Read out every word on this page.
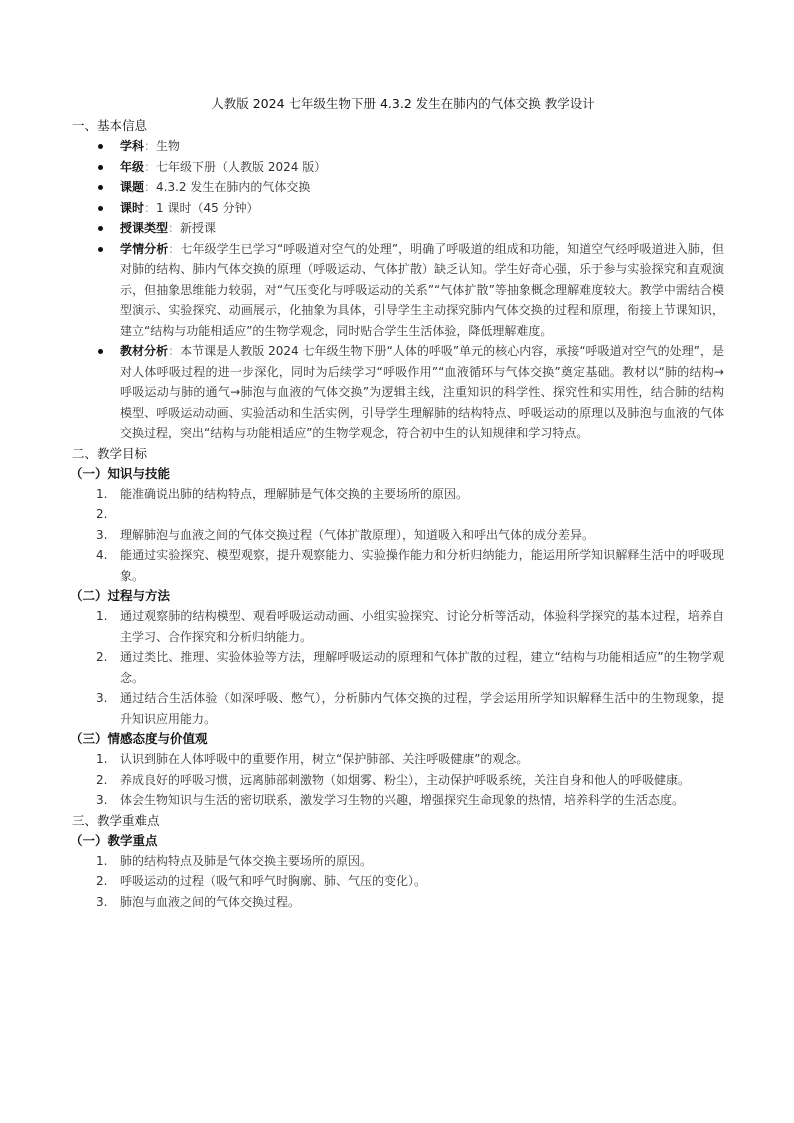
人教版 2024 七年级生物下册 4.3.2 发生在肺内的气体交换 教学设计
一、基本信息
学科：生物
年级：七年级下册（人教版 2024 版）
课题：4.3.2 发生在肺内的气体交换
课时：1 课时（45 分钟）
授课类型：新授课
学情分析：七年级学生已学习“呼吸道对空气的处理”，明确了呼吸道的组成和功能，知道空气经呼吸道进入肺，但对肺的结构、肺内气体交换的原理（呼吸运动、气体扩散）缺乏认知。学生好奇心强，乐于参与实验探究和直观演示，但抽象思维能力较弱，对“气压变化与呼吸运动的关系”“气体扩散”等抽象概念理解难度较大。教学中需结合模型演示、实验探究、动画展示，化抽象为具体，引导学生主动探究肺内气体交换的过程和原理，衔接上节课知识，建立“结构与功能相适应”的生物学观念，同时贴合学生生活体验，降低理解难度。
教材分析：本节课是人教版 2024 七年级生物下册“人体的呼吸”单元的核心内容，承接“呼吸道对空气的处理”，是对人体呼吸过程的进一步深化，同时为后续学习“呼吸作用”“血液循环与气体交换”奠定基础。教材以“肺的结构→呼吸运动与肺的通气→肺泡与血液的气体交换”为逻辑主线，注重知识的科学性、探究性和实用性，结合肺的结构模型、呼吸运动动画、实验活动和生活实例，引导学生理解肺的结构特点、呼吸运动的原理以及肺泡与血液的气体交换过程，突出“结构与功能相适应”的生物学观念，符合初中生的认知规律和学习特点。
二、教学目标
（一）知识与技能
1. 能准确说出肺的结构特点，理解肺是气体交换的主要场所的原因。
2.
3. 理解肺泡与血液之间的气体交换过程（气体扩散原理），知道吸入和呼出气体的成分差异。
4. 能通过实验探究、模型观察，提升观察能力、实验操作能力和分析归纳能力，能运用所学知识解释生活中的呼吸现象。
（二）过程与方法
1. 通过观察肺的结构模型、观看呼吸运动动画、小组实验探究、讨论分析等活动，体验科学探究的基本过程，培养自主学习、合作探究和分析归纳能力。
2. 通过类比、推理、实验体验等方法，理解呼吸运动的原理和气体扩散的过程，建立“结构与功能相适应”的生物学观念。
3. 通过结合生活体验（如深呼吸、憋气），分析肺内气体交换的过程，学会运用所学知识解释生活中的生物现象，提升知识应用能力。
（三）情感态度与价值观
1. 认识到肺在人体呼吸中的重要作用，树立“保护肺部、关注呼吸健康”的观念。
2. 养成良好的呼吸习惯，远离肺部刺激物（如烟雾、粉尘），主动保护呼吸系统，关注自身和他人的呼吸健康。
3. 体会生物知识与生活的密切联系，激发学习生物的兴趣，增强探究生命现象的热情，培养科学的生活态度。
三、教学重难点
（一）教学重点
1. 肺的结构特点及肺是气体交换主要场所的原因。
2. 呼吸运动的过程（吸气和呼气时胸廓、肺、气压的变化）。
3. 肺泡与血液之间的气体交换过程。
